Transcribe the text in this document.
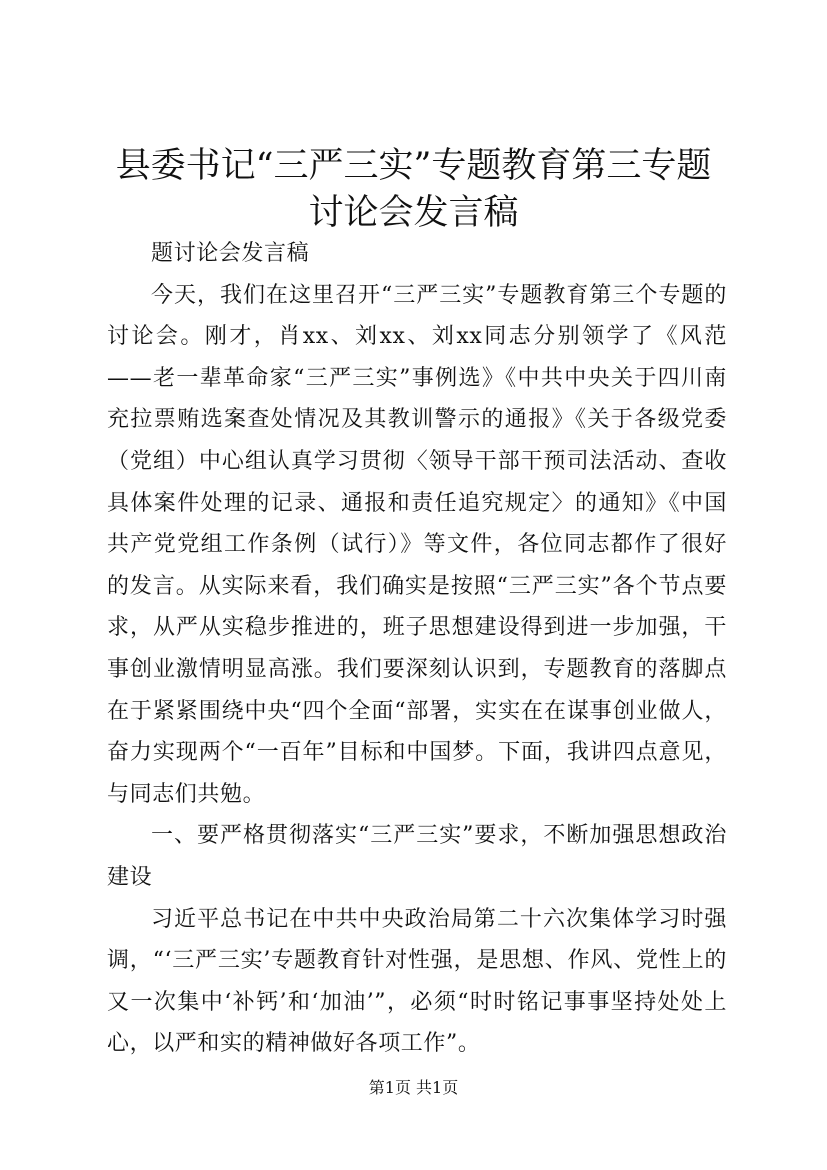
县委书记“三严三实”专题教育第三专题讨论会发言稿

题讨论会发言稿

今天，我们在这里召开“三严三实”专题教育第三个专题的讨论会。刚才，肖xx、刘xx、刘xx同志分别领学了《风范——老一辈革命家“三严三实”事例选》《中共中央关于四川南充拉票贿选案查处情况及其教训警示的通报》《关于各级党委（党组）中心组认真学习贯彻〈领导干部干预司法活动、查收具体案件处理的记录、通报和责任追究规定〉的通知》《中国共产党党组工作条例（试行）》等文件，各位同志都作了很好的发言。从实际来看，我们确实是按照“三严三实”各个节点要求，从严从实稳步推进的，班子思想建设得到进一步加强，干事创业激情明显高涨。我们要深刻认识到，专题教育的落脚点在于紧紧围绕中央“四个全面“部署，实实在在谋事创业做人，奋力实现两个“一百年”目标和中国梦。下面，我讲四点意见，与同志们共勉。

一、要严格贯彻落实“三严三实”要求，不断加强思想政治建设

习近平总书记在中共中央政治局第二十六次集体学习时强调，“‘三严三实’专题教育针对性强，是思想、作风、党性上的又一次集中‘补钙’和‘加油’”，必须“时时铭记事事坚持处处上心，以严和实的精神做好各项工作”。

第1页 共1页
